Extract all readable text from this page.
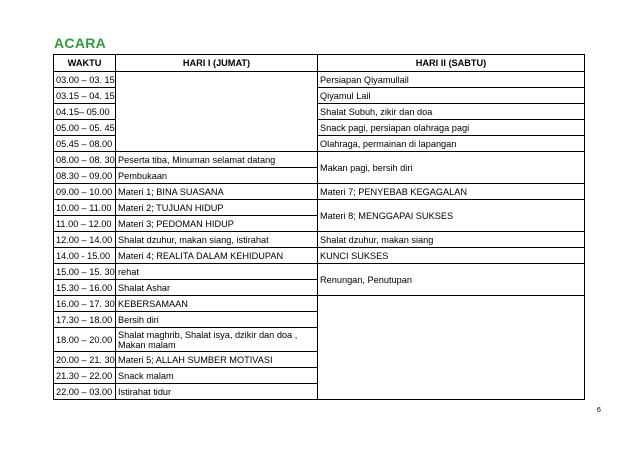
ACARA
WAKTU	HARI I (JUMAT)	HARI II (SABTU)
03.00 – 03. 15		Persiapan Qiyamullail
03.15 – 04. 15		Qiyamul Lail
04.15– 05.00		Shalat Subuh, zikir dan doa
05.00 – 05. 45		Snack pagi, persiapan olahraga pagi
05.45 – 08.00		Olahraga, permainan di lapangan
08.00 – 08. 30	Peserta tiba, Minuman selamat datang	Makan pagi, bersih diri
08.30 – 09.00	Pembukaan	
09.00 – 10.00	Materi 1; BINA SUASANA	Materi 7; PENYEBAB KEGAGALAN
10.00 – 11.00	Materi 2; TUJUAN HIDUP	Materi 8; MENGGAPAI SUKSES
11.00 – 12.00	Materi 3; PEDOMAN HIDUP	
12.00 – 14.00	Shalat dzuhur, makan siang, istirahat	Shalat dzuhur, makan siang
14.00 - 15.00	Materi 4; REALITA DALAM KEHIDUPAN	KUNCI SUKSES
15.00 – 15. 30	rehat	Renungan, Penutupan
15.30 – 16.00	Shalat Ashar	
16.00 – 17. 30	KEBERSAMAAN	
17.30 – 18.00	Bersih diri	
18.00 – 20.00	Shalat maghrib, Shalat isya, dzikir dan doa , Makan malam	
20.00 – 21. 30	Materi 5; ALLAH SUMBER MOTIVASI	
21.30 – 22.00	Snack malam	
22.00 – 03.00	Istirahat tidur	
6
